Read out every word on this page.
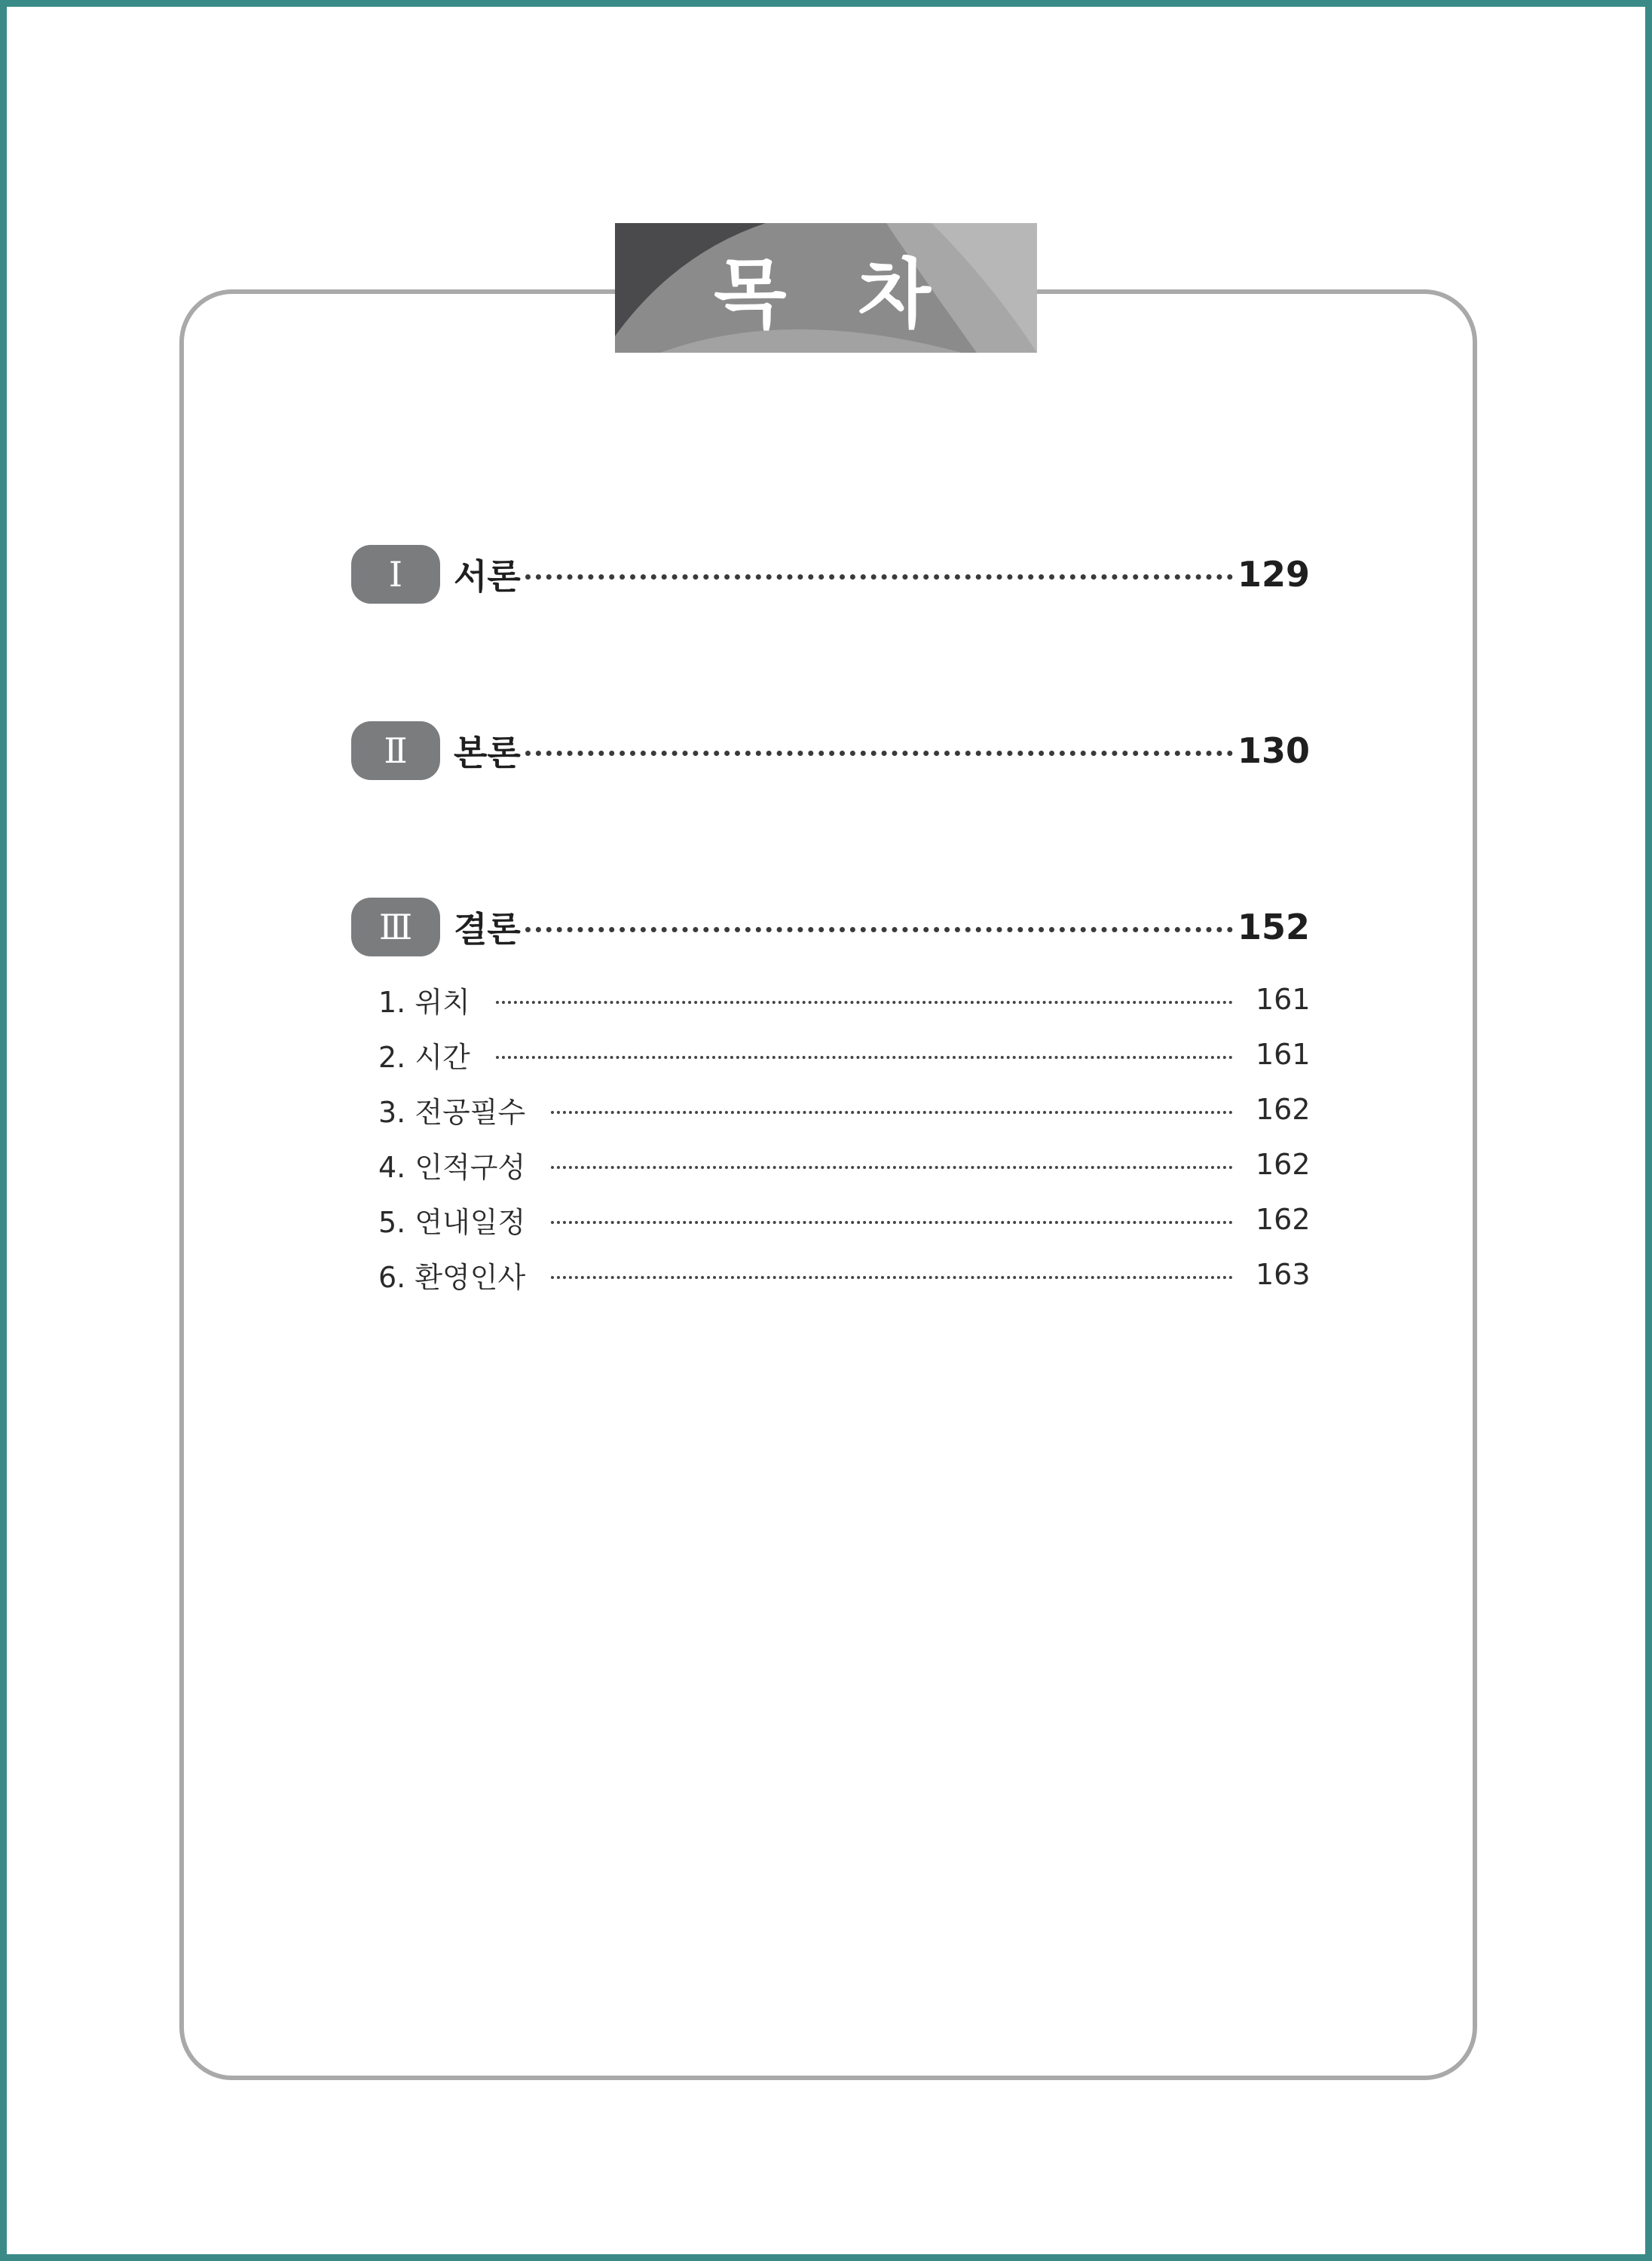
목 차
Ⅰ	서론	129
Ⅱ	본론	130
Ⅲ	결론	152
1. 위치	161
2. 시간	161
3. 전공필수	162
4. 인적구성	162
5. 연내일정	162
6. 환영인사	163
